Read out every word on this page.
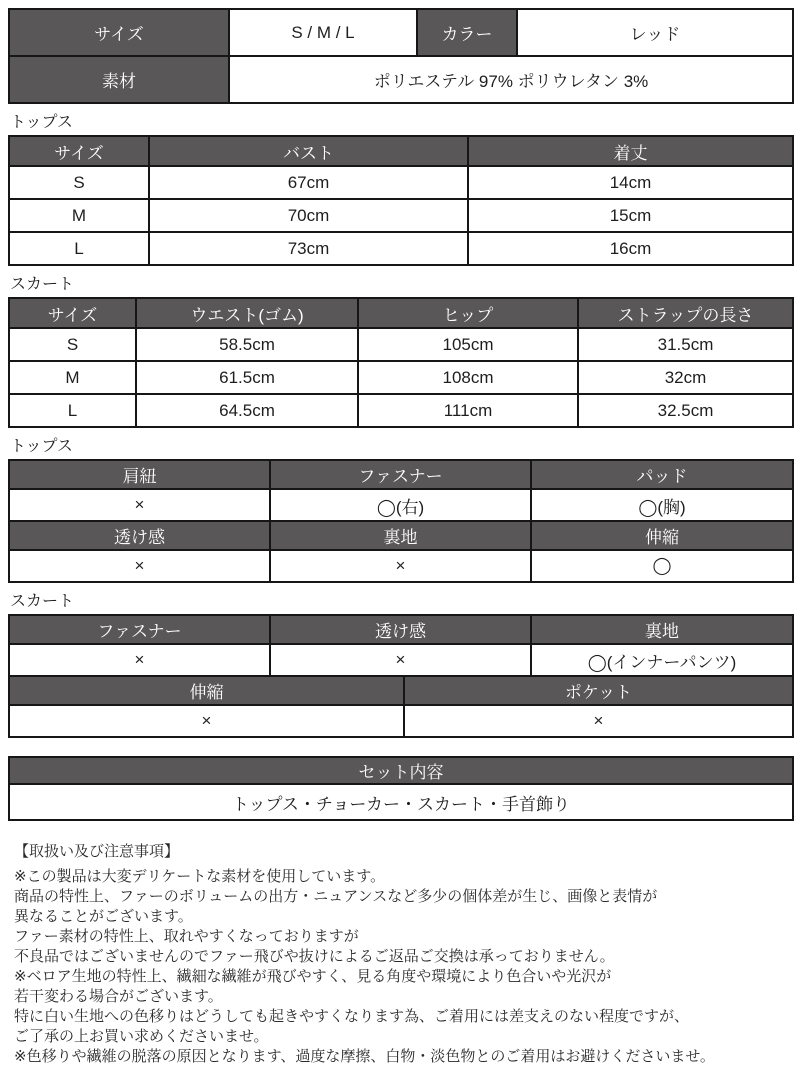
サイズ	S / M / L	カラー	レッド
素材	ポリエステル 97% ポリウレタン 3%		
トップス
サイズ	バスト	着丈
S	67cm	14cm
M	70cm	15cm
L	73cm	16cm
スカート
サイズ	ウエスト(ゴム)	ヒップ	ストラップの長さ
S	58.5cm	105cm	31.5cm
M	61.5cm	108cm	32cm
L	64.5cm	111cm	32.5cm
トップス
肩紐	ファスナー	パッド
×	◯(右)	◯(胸)
透け感	裏地	伸縮
×	×	◯
スカート
ファスナー	透け感	裏地
×	×	◯(インナーパンツ)
伸縮	ポケット
×	×
セット内容
トップス・チョーカー・スカート・手首飾り
【取扱い及び注意事項】
※この製品は大変デリケートな素材を使用しています。
商品の特性上、ファーのボリュームの出方・ニュアンスなど多少の個体差が生じ、画像と表情が
異なることがございます。
ファー素材の特性上、取れやすくなっておりますが
不良品ではございませんのでファー飛びや抜けによるご返品ご交換は承っておりません。
※ベロア生地の特性上、繊細な繊維が飛びやすく、見る角度や環境により色合いや光沢が
若干変わる場合がございます。
特に白い生地への色移りはどうしても起きやすくなります為、ご着用には差支えのない程度ですが、
ご了承の上お買い求めくださいませ。
※色移りや繊維の脱落の原因となります、過度な摩擦、白物・淡色物とのご着用はお避けくださいませ。
